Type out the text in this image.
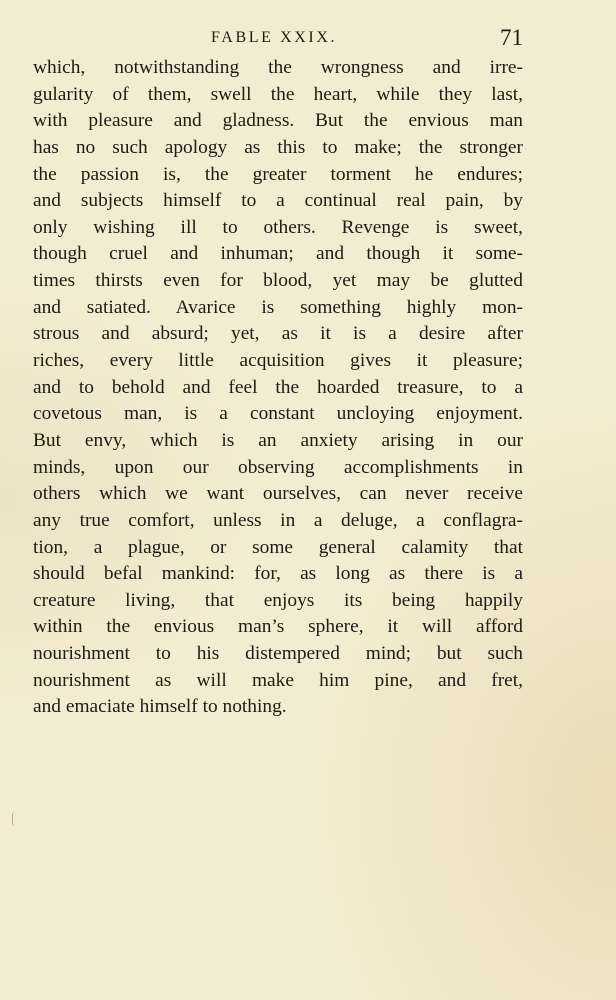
FABLE XXIX.	71
which, notwithstanding the wrongness and irre-
gularity of them, swell the heart, while they last,
with pleasure and gladness. But the envious man
has no such apology as this to make; the stronger
the passion is, the greater torment he endures;
and subjects himself to a continual real pain, by
only wishing ill to others. Revenge is sweet,
though cruel and inhuman; and though it some-
times thirsts even for blood, yet may be glutted
and satiated. Avarice is something highly mon-
strous and absurd; yet, as it is a desire after
riches, every little acquisition gives it pleasure;
and to behold and feel the hoarded treasure, to a
covetous man, is a constant uncloying enjoyment.
But envy, which is an anxiety arising in our
minds, upon our observing accomplishments in
others which we want ourselves, can never receive
any true comfort, unless in a deluge, a conflagra-
tion, a plague, or some general calamity that
should befal mankind: for, as long as there is a
creature living, that enjoys its being happily
within the envious man’s sphere, it will afford
nourishment to his distempered mind; but such
nourishment as will make him pine, and fret,
and emaciate himself to nothing.
